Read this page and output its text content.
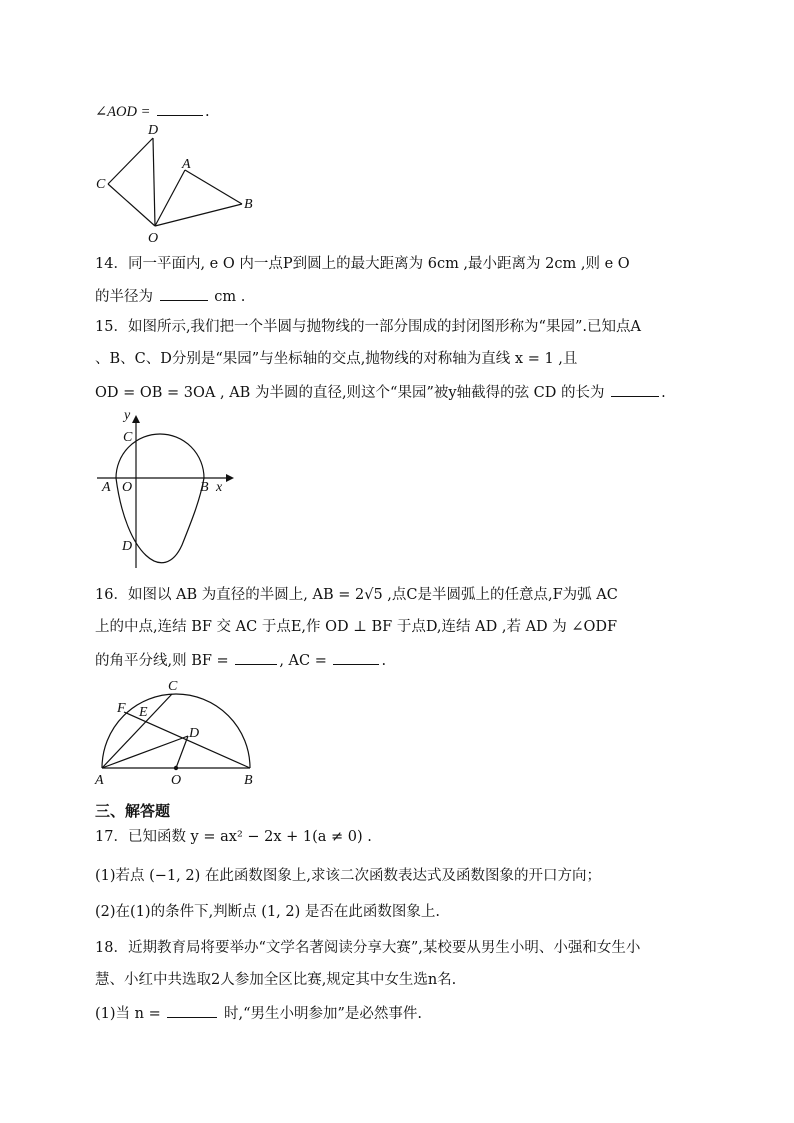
∠AOD =	.
D
C
A
B
O
14．同一平面内, e O 内一点P到圆上的最大距离为 6cm ,最小距离为 2cm ,则 e O
的半径为	cm .
15．如图所示,我们把一个半圆与抛物线的一部分围成的封闭图形称为“果园”.已知点A
、B、C、D分别是“果园”与坐标轴的交点,抛物线的对称轴为直线 x = 1 ,且
OD = OB = 3OA , AB 为半圆的直径,则这个“果园”被y轴截得的弦 CD 的长为	.
y
C
A O	B x
D
16．如图以 AB 为直径的半圆上, AB = 2√5 ,点C是半圆弧上的任意点,F为弧 AC
上的中点,连结 BF 交 AC 于点E,作 OD ⊥ BF 于点D,连结 AD ,若 AD 为 ∠ODF
的角平分线,则 BF =	, AC =	.
C
F E
D
A	O	B
三、解答题
17．已知函数 y = ax² − 2x + 1(a ≠ 0) .
(1)若点 (−1, 2) 在此函数图象上,求该二次函数表达式及函数图象的开口方向；
(2)在(1)的条件下,判断点 (1, 2) 是否在此函数图象上.
18．近期教育局将要举办“文学名著阅读分享大赛”,某校要从男生小明、小强和女生小
慧、小红中共选取2人参加全区比赛,规定其中女生选n名.
(1)当 n =	时,“男生小明参加”是必然事件.
